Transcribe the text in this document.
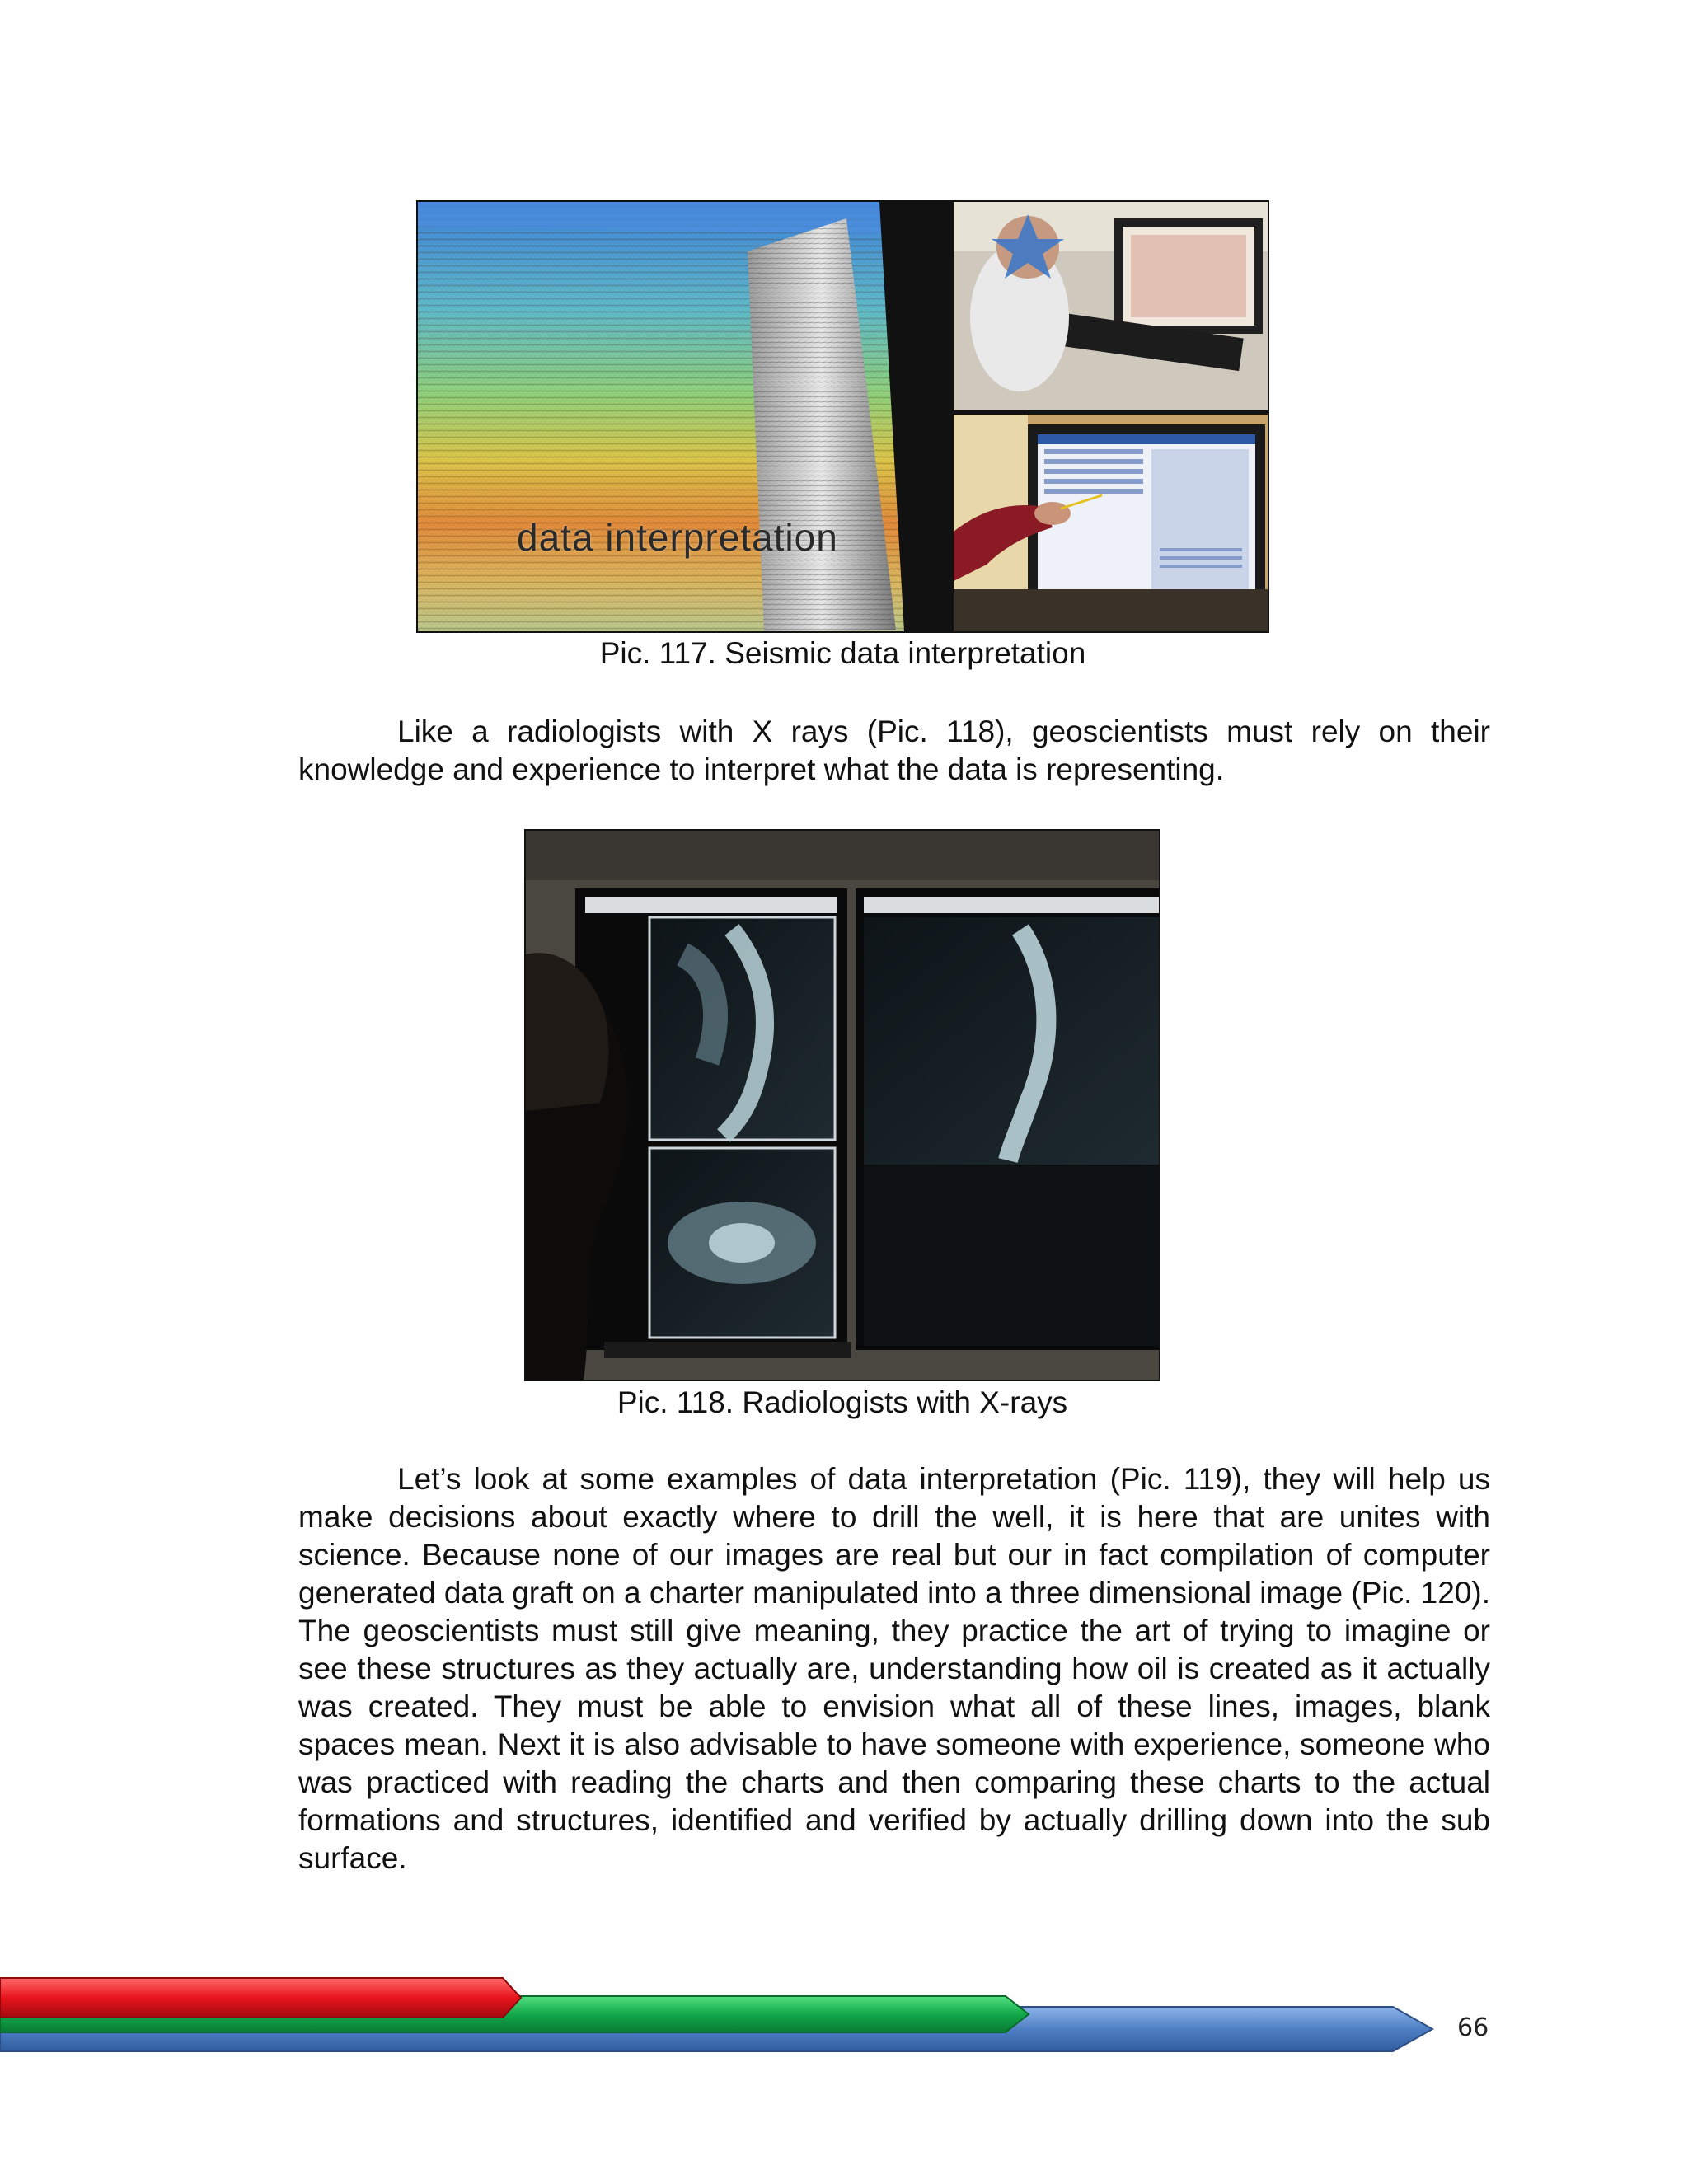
data interpretation
Pic. 117. Seismic data interpretation

Like a radiologists with X rays (Pic. 118), geoscientists must rely on their knowledge and experience to interpret what the data is representing.

Pic. 118. Radiologists with X-rays

Let’s look at some examples of data interpretation (Pic. 119), they will help us make decisions about exactly where to drill the well, it is here that are unites with science. Because none of our images are real but our in fact compilation of computer generated data graft on a charter manipulated into a three dimensional image (Pic. 120). The geoscientists must still give meaning, they practice the art of trying to imagine or see these structures as they actually are, understanding how oil is created as it actually was created. They must be able to envision what all of these lines, images, blank spaces mean. Next it is also advisable to have someone with experience, someone who was practiced with reading the charts and then comparing these charts to the actual formations and structures, identified and verified by actually drilling down into the sub surface.

66
